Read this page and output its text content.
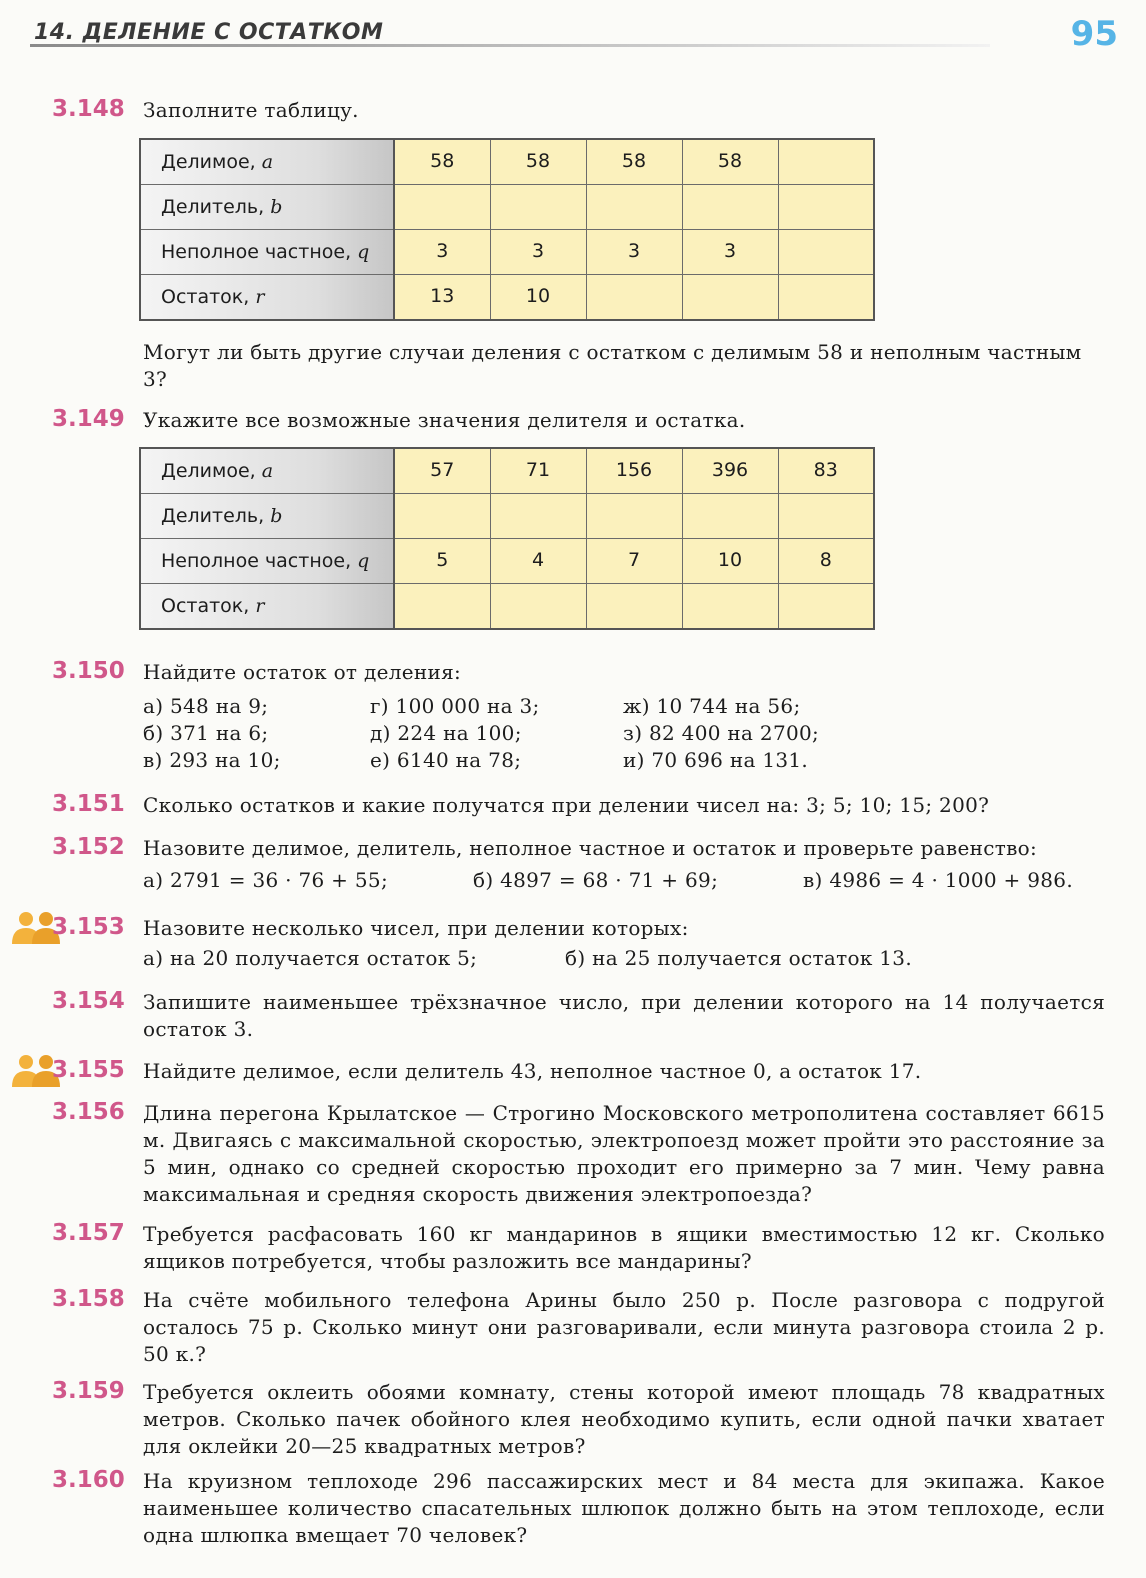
14. ДЕЛЕНИЕ С ОСТАТКОМ	95
3.148 Заполните таблицу.
Делимое, a	58	58	58	58	
Делитель, b					
Неполное частное, q	3	3	3	3	
Остаток, r	13	10			
Могут ли быть другие случаи деления с остатком с делимым 58 и неполным частным 3?
3.149 Укажите все возможные значения делителя и остатка.
Делимое, a	57	71	156	396	83
Делитель, b					
Неполное частное, q	5	4	7	10	8
Остаток, r					
3.150 Найдите остаток от деления:
а) 548 на 9;
б) 371 на 6;
в) 293 на 10;
г) 100 000 на 3;
д) 224 на 100;
е) 6140 на 78;
ж) 10 744 на 56;
з) 82 400 на 2700;
и) 70 696 на 131.
3.151 Сколько остатков и какие получатся при делении чисел на: 3; 5; 10; 15; 200?
3.152 Назовите делимое, делитель, неполное частное и остаток и проверьте равенство:
а) 2791 = 36 · 76 + 55;	б) 4897 = 68 · 71 + 69;	в) 4986 = 4 · 1000 + 986.
3.153 Назовите несколько чисел, при делении которых:
а) на 20 получается остаток 5;	б) на 25 получается остаток 13.
3.154 Запишите наименьшее трёхзначное число, при делении которого на 14 получается остаток 3.
3.155 Найдите делимое, если делитель 43, неполное частное 0, а остаток 17.
3.156 Длина перегона Крылатское — Строгино Московского метрополитена составляет 6615 м. Двигаясь с максимальной скоростью, электропоезд может пройти это расстояние за 5 мин, однако со средней скоростью проходит его примерно за 7 мин. Чему равна максимальная и средняя скорость движения электропоезда?
3.157 Требуется расфасовать 160 кг мандаринов в ящики вместимостью 12 кг. Сколько ящиков потребуется, чтобы разложить все мандарины?
3.158 На счёте мобильного телефона Арины было 250 р. После разговора с подругой осталось 75 р. Сколько минут они разговаривали, если минута разговора стоила 2 р. 50 к.?
3.159 Требуется оклеить обоями комнату, стены которой имеют площадь 78 квадратных метров. Сколько пачек обойного клея необходимо купить, если одной пачки хватает для оклейки 20—25 квадратных метров?
3.160 На круизном теплоходе 296 пассажирских мест и 84 места для экипажа. Какое наименьшее количество спасательных шлюпок должно быть на этом теплоходе, если одна шлюпка вмещает 70 человек?
